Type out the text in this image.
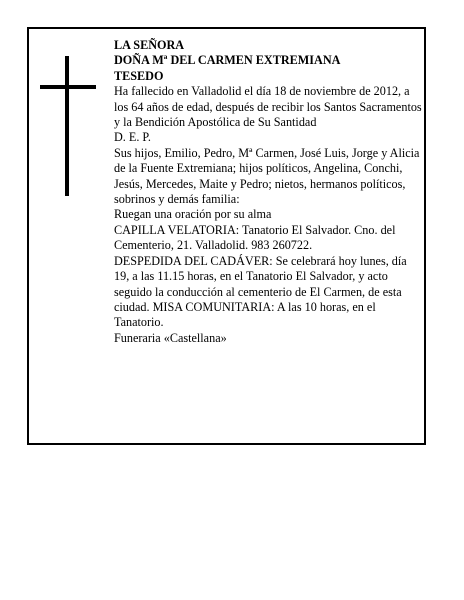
LA SEÑORA
DOÑA Mª DEL CARMEN EXTREMIANA
TESEDO

Ha fallecido en Valladolid el día 18 de noviembre de 2012, a los 64 años de edad, después de recibir los Santos Sacramentos y la Bendición Apostólica de Su Santidad

D. E. P.

Sus hijos, Emilio, Pedro, Mª Carmen, José Luis, Jorge y Alicia de la Fuente Extremiana; hijos políticos, Angelina, Conchi, Jesús, Mercedes, Maite y Pedro; nietos, hermanos políticos, sobrinos y demás familia:

Ruegan una oración por su alma

CAPILLA VELATORIA: Tanatorio El Salvador. Cno. del Cementerio, 21. Valladolid. 983 260722.

DESPEDIDA DEL CADÁVER: Se celebrará hoy lunes, día 19, a las 11.15 horas, en el Tanatorio El Salvador, y acto seguido la conducción al cementerio de El Carmen, de esta ciudad. MISA COMUNITARIA: A las 10 horas, en el Tanatorio.

Funeraria «Castellana»
